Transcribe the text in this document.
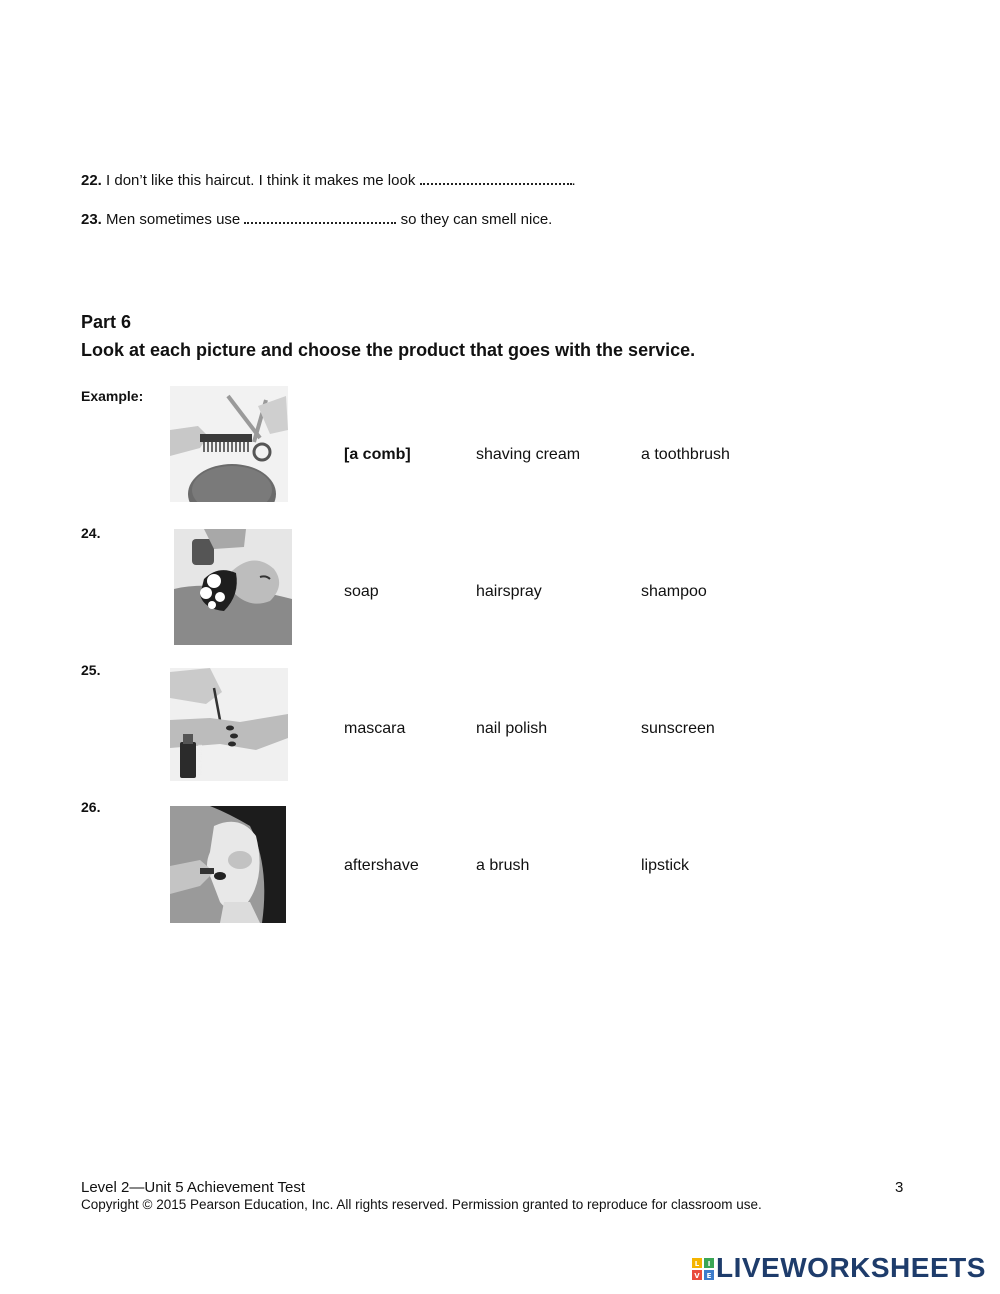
22. I don’t like this haircut. I think it makes me look	.
23. Men sometimes use	so they can smell nice.
Part 6
Look at each picture and choose the product that goes with the service.
Example:
[a comb]	shaving cream	a toothbrush
24.
soap	hairspray	shampoo
25.
NAIL POLISH
mascara	nail polish	sunscreen
26.
aftershave	a brush	lipstick
Level 2—Unit 5 Achievement Test	3
Copyright © 2015 Pearson Education, Inc. All rights reserved. Permission granted to reproduce for classroom use.
L I
V E LIVEWORKSHEETS
